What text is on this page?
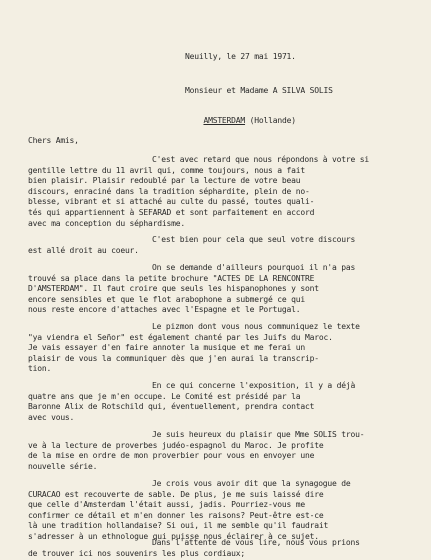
Neuilly, le 27 mai 1971.
Monsieur et Madame A SILVA SOLIS

AMSTERDAM (Hollande)

Chers Amis,
C'est avec retard que nous répondons à votre si
gentille lettre du 11 avril qui, comme toujours, nous a fait
bien plaisir. Plaisir redoublé par la lecture de votre beau
discours, enraciné dans la tradition séphardite, plein de no-
blesse, vibrant et si attaché au culte du passé, toutes quali-
tés qui appartiennent à SEFARAD et sont parfaitement en accord
avec ma conception du séphardisme.
C'est bien pour cela que seul votre discours
est allé droit au coeur.
On se demande d'ailleurs pourquoi il n'a pas
trouvé sa place dans la petite brochure "ACTES DE LA RENCONTRE
D'AMSTERDAM". Il faut croire que seuls les hispanophones y sont
encore sensibles et que le flot arabophone a submergé ce qui
nous reste encore d'attaches avec l'Espagne et le Portugal.
Le pizmon dont vous nous communiquez le texte
"ya viendra el Señor" est également chanté par les Juifs du Maroc.
Je vais essayer d'en faire annoter la musique et me ferai un
plaisir de vous la communiquer dès que j'en aurai la transcrip-
tion.
En ce qui concerne l'exposition, il y a déjà
quatre ans que je m'en occupe. Le Comité est présidé par la
Baronne Alix de Rotschild qui, éventuellement, prendra contact
avec vous.
Je suis heureux du plaisir que Mme SOLIS trou-
ve à la lecture de proverbes judéo-espagnol du Maroc. Je profite
de la mise en ordre de mon proverbier pour vous en envoyer une
nouvelle série.
Je crois vous avoir dit que la synagogue de
CURACAO est recouverte de sable. De plus, je me suis laissé dire
que celle d'Amsterdam l'était aussi, jadis. Pourriez-vous me
confirmer ce détail et m'en donner les raisons? Peut-être est-ce
là une tradition hollandaise? Si oui, il me semble qu'il faudrait
s'adresser à un ethnologue qui puisse nous éclairer à ce sujet.
Dans l'attente de vous lire, nous vous prions
de trouver ici nos souvenirs les plus cordiaux;
